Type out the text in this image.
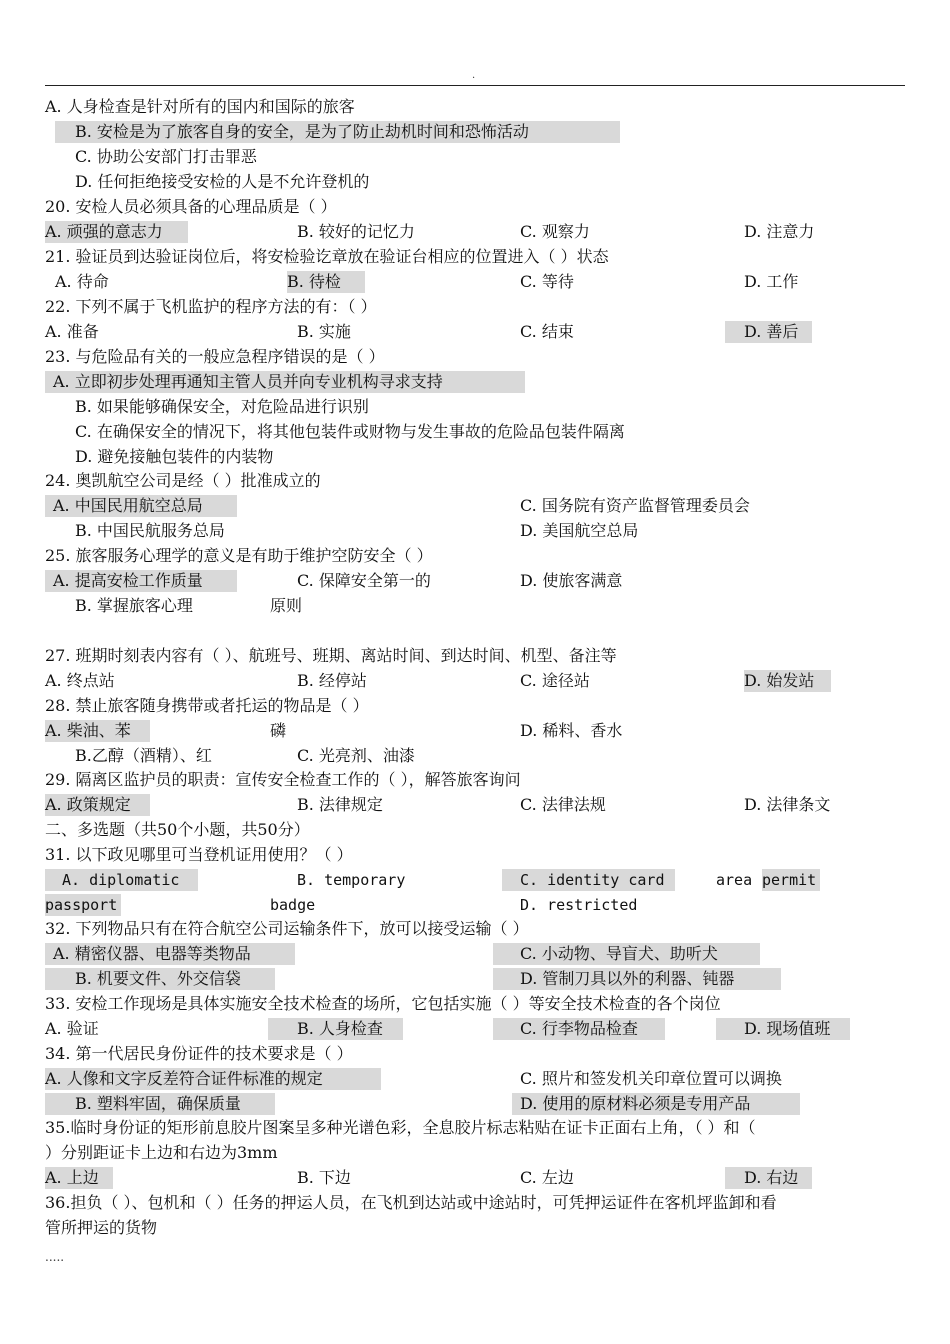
.
A. 人身检查是针对所有的国内和国际的旅客
B. 安检是为了旅客自身的安全，是为了防止劫机时间和恐怖活动
C. 协助公安部门打击罪恶
D. 任何拒绝接受安检的人是不允许登机的
20. 安检人员必须具备的心理品质是（ ）
A. 顽强的意志力	B. 较好的记忆力	C. 观察力	D. 注意力
21. 验证员到达验证岗位后，将安检验讫章放在验证台相应的位置进入（ ）状态
A. 待命	B. 待检	C. 等待	D. 工作
22. 下列不属于飞机监护的程序方法的有：（ ）
A. 准备	B. 实施	C. 结束	D. 善后
23. 与危险品有关的一般应急程序错误的是（ ）
A. 立即初步处理再通知主管人员并向专业机构寻求支持
B. 如果能够确保安全，对危险品进行识别
C. 在确保安全的情况下，将其他包装件或财物与发生事故的危险品包装件隔离
D. 避免接触包装件的内装物
24. 奥凯航空公司是经（ ）批准成立的
A. 中国民用航空总局	C. 国务院有资产监督管理委员会
B. 中国民航服务总局	D. 美国航空总局
25. 旅客服务心理学的意义是有助于维护空防安全（ ）
A. 提高安检工作质量	C. 保障安全第一的	D. 使旅客满意
B. 掌握旅客心理	原则
27. 班期时刻表内容有（ ）、航班号、班期、离站时间、到达时间、机型、备注等
A. 终点站	B. 经停站	C. 途径站	D. 始发站
28. 禁止旅客随身携带或者托运的物品是（ ）
A. 柴油、苯	磷	D. 稀料、香水
B.乙醇（酒精）、红	C. 光亮剂、油漆
29. 隔离区监护员的职责：宣传安全检查工作的（ ），解答旅客询问
A. 政策规定	B. 法律规定	C. 法律法规	D. 法律条文
二、多选题（共50个小题，共50分）
31. 以下政见哪里可当登机证用使用？（ ）
A. diplomatic	B. temporary	C. identity card	area permit
passport	badge	D. restricted
32. 下列物品只有在符合航空公司运输条件下，放可以接受运输（ ）
A. 精密仪器、电器等类物品	C. 小动物、导盲犬、助听犬
B. 机要文件、外交信袋	D. 管制刀具以外的利器、钝器
33. 安检工作现场是具体实施安全技术检查的场所，它包括实施（ ）等安全技术检查的各个岗位
A. 验证	B. 人身检查	C. 行李物品检查	D. 现场值班
34. 第一代居民身份证件的技术要求是（ ）
A. 人像和文字反差符合证件标准的规定	C. 照片和签发机关印章位置可以调换
B. 塑料牢固，确保质量	D. 使用的原材料必须是专用产品
35.临时身份证的矩形前息胶片图案呈多种光谱色彩，全息胶片标志粘贴在证卡正面右上角，（ ）和（
）分别距证卡上边和右边为3mm
A. 上边	B. 下边	C. 左边	D. 右边
36.担负（ ）、包机和（ ）任务的押运人员，在飞机到达站或中途站时，可凭押运证件在客机坪监卸和看
管所押运的货物
.....
